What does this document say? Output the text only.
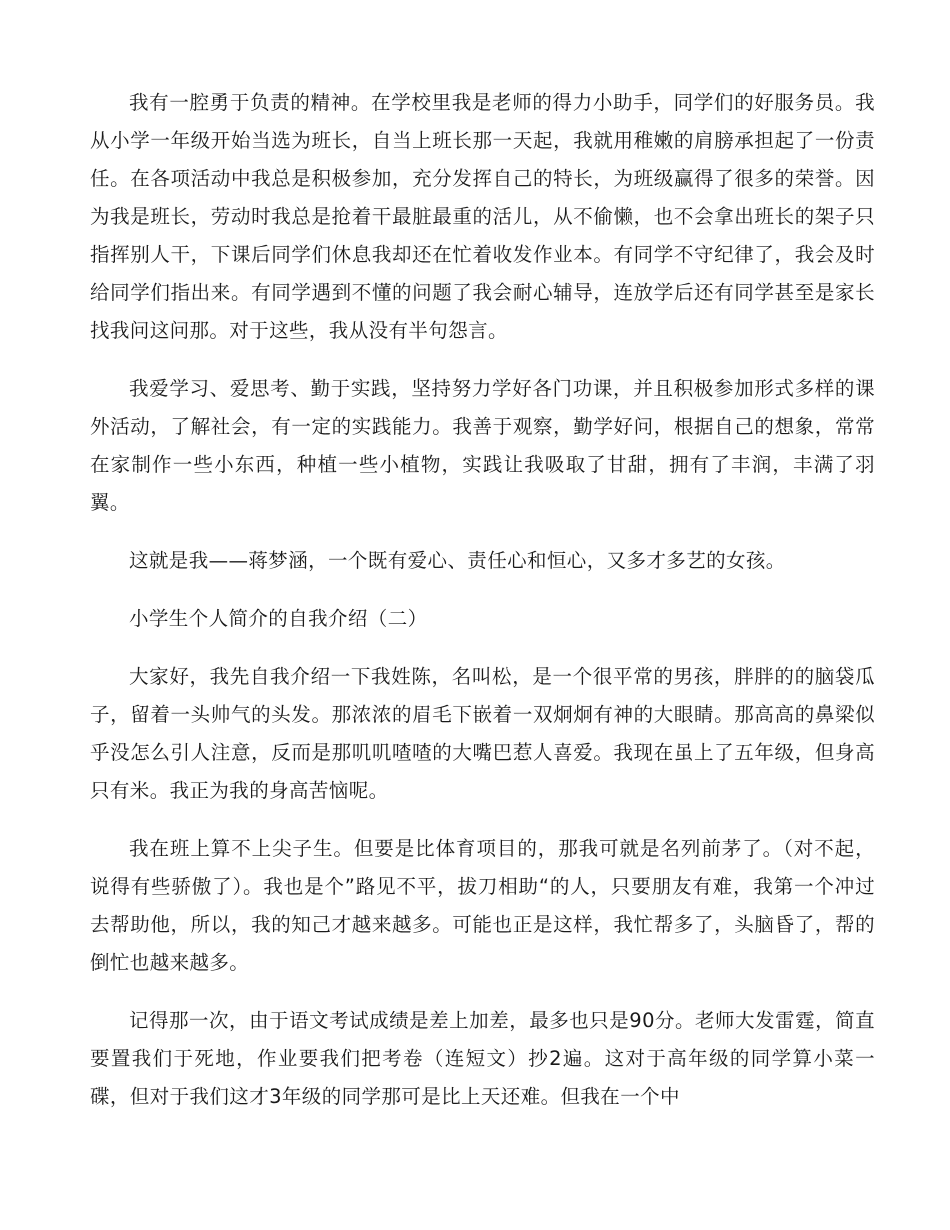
我有一腔勇于负责的精神。在学校里我是老师的得力小助手，同学们的好服务员。我从小学一年级开始当选为班长，自当上班长那一天起，我就用稚嫩的肩膀承担起了一份责任。在各项活动中我总是积极参加，充分发挥自己的特长，为班级赢得了很多的荣誉。因为我是班长，劳动时我总是抢着干最脏最重的活儿，从不偷懒，也不会拿出班长的架子只指挥别人干，下课后同学们休息我却还在忙着收发作业本。有同学不守纪律了，我会及时给同学们指出来。有同学遇到不懂的问题了我会耐心辅导，连放学后还有同学甚至是家长找我问这问那。对于这些，我从没有半句怨言。

我爱学习、爱思考、勤于实践，坚持努力学好各门功课，并且积极参加形式多样的课外活动，了解社会，有一定的实践能力。我善于观察，勤学好问，根据自己的想象，常常在家制作一些小东西，种植一些小植物，实践让我吸取了甘甜，拥有了丰润，丰满了羽翼。

这就是我——蒋梦涵，一个既有爱心、责任心和恒心，又多才多艺的女孩。

小学生个人简介的自我介绍（二）

大家好，我先自我介绍一下我姓陈，名叫松，是一个很平常的男孩，胖胖的的脑袋瓜子，留着一头帅气的头发。那浓浓的眉毛下嵌着一双炯炯有神的大眼睛。那高高的鼻梁似乎没怎么引人注意，反而是那叽叽喳喳的大嘴巴惹人喜爱。我现在虽上了五年级，但身高只有米。我正为我的身高苦恼呢。

我在班上算不上尖子生。但要是比体育项目的，那我可就是名列前茅了。（对不起，说得有些骄傲了）。我也是个”路见不平，拔刀相助“的人，只要朋友有难，我第一个冲过去帮助他，所以，我的知己才越来越多。可能也正是这样，我忙帮多了，头脑昏了，帮的倒忙也越来越多。

记得那一次，由于语文考试成绩是差上加差，最多也只是90分。老师大发雷霆，简直要置我们于死地，作业要我们把考卷（连短文）抄2遍。这对于高年级的同学算小菜一碟，但对于我们这才3年级的同学那可是比上天还难。但我在一个中
